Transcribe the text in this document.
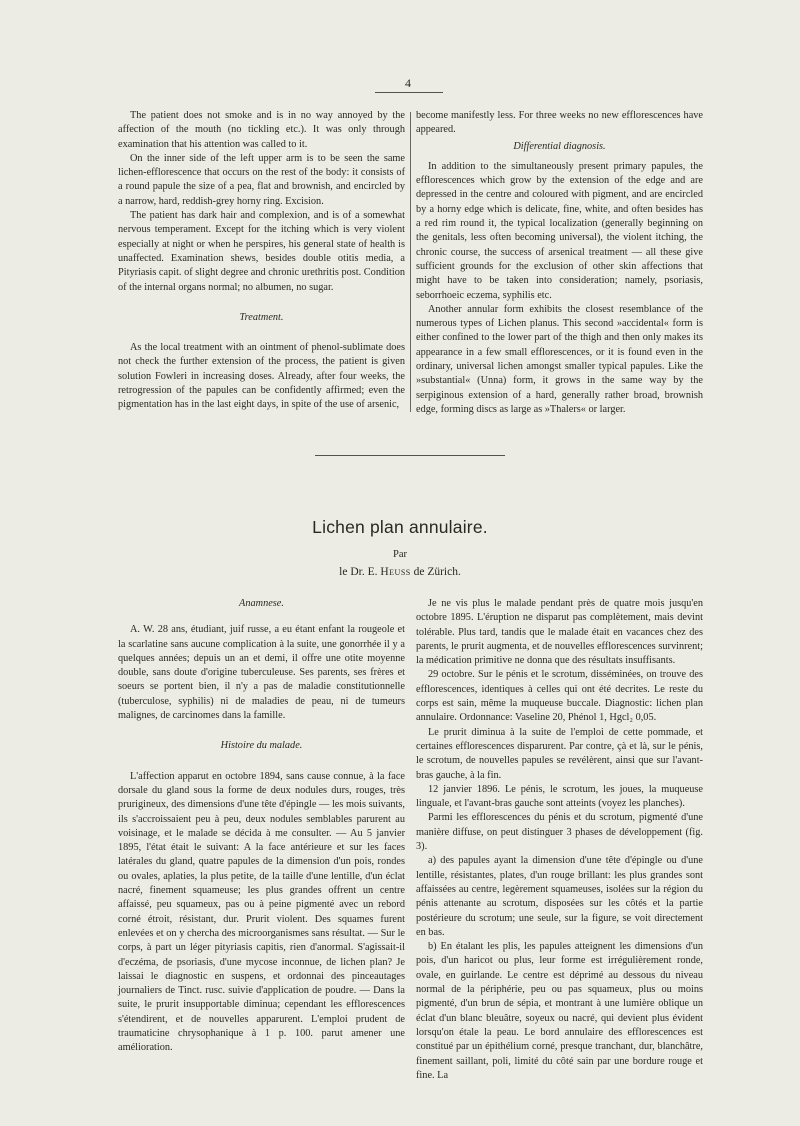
4

The patient does not smoke and is in no way annoyed by the affection of the mouth (no tickling etc.). It was only through examination that his attention was called to it.

On the inner side of the left upper arm is to be seen the same lichen-efflorescence that occurs on the rest of the body: it consists of a round papule the size of a pea, flat and brownish, and encircled by a narrow, hard, reddish-grey horny ring. Excision.

The patient has dark hair and complexion, and is of a somewhat nervous temperament. Except for the itching which is very violent especially at night or when he perspires, his general state of health is unaffected. Examination shews, besides double otitis media, a Pityriasis capit. of slight degree and chronic urethritis post. Condition of the internal organs normal; no albumen, no sugar.

Treatment.

As the local treatment with an ointment of phenol-sublimate does not check the further extension of the process, the patient is given solution Fowleri in increasing doses. Already, after four weeks, the retrogression of the papules can be confidently affirmed; even the pigmentation has in the last eight days, in spite of the use of arsenic,

become manifestly less. For three weeks no new efflorescences have appeared.

Differential diagnosis.

In addition to the simultaneously present primary papules, the efflorescences which grow by the extension of the edge and are depressed in the centre and coloured with pigment, and are encircled by a horny edge which is delicate, fine, white, and often besides has a red rim round it, the typical localization (generally beginning on the genitals, less often becoming universal), the violent itching, the chronic course, the success of arsenical treatment — all these give sufficient grounds for the exclusion of other skin affections that might have to be taken into consideration; namely, psoriasis, seborrhoeic eczema, syphilis etc.

Another annular form exhibits the closest resemblance of the numerous types of Lichen planus. This second »accidental« form is either confined to the lower part of the thigh and then only makes its appearance in a few small efflorescences, or it is found even in the ordinary, universal lichen amongst smaller typical papules. Like the »substantial« (Unna) form, it grows in the same way by the serpiginous extension of a hard, generally rather broad, brownish edge, forming discs as large as »Thalers« or larger.

Lichen plan annulaire.
Par
le Dr. E. Heuss de Zürich.
Anamnese.

A. W. 28 ans, étudiant, juif russe, a eu étant enfant la rougeole et la scarlatine sans aucune complication à la suite, une gonorrhée il y a quelques années; depuis un an et demi, il offre une otite moyenne double, sans doute d'origine tuberculeuse. Ses parents, ses frères et soeurs se portent bien, il n'y a pas de maladie constitutionnelle (tuberculose, syphilis) ni de maladies de peau, ni de tumeurs malignes, de carcinomes dans la famille.

Histoire du malade.

L'affection apparut en octobre 1894, sans cause connue, à la face dorsale du gland sous la forme de deux nodules durs, rouges, très prurigineux, des dimensions d'une tête d'épingle — les mois suivants, ils s'accroissaient peu à peu, deux nodules semblables parurent au voisinage, et le malade se décida à me consulter. — Au 5 janvier 1895, l'état était le suivant: A la face antérieure et sur les faces latérales du gland, quatre papules de la dimension d'un pois, rondes ou ovales, aplaties, la plus petite, de la taille d'une lentille, d'un éclat nacré, finement squameuse; les plus grandes offrent un centre affaissé, peu squameux, pas ou à peine pigmenté avec un rebord corné étroit, résistant, dur. Prurit violent. Des squames furent enlevées et on y chercha des microorganismes sans résultat. — Sur le corps, à part un léger pityriasis capitis, rien d'anormal. S'agissait-il d'eczéma, de psoriasis, d'une mycose inconnue, de lichen plan? Je laissai le diagnostic en suspens, et ordonnai des pinceautages journaliers de Tinct. rusc. suivie d'application de poudre. — Dans la suite, le prurit insupportable diminua; cependant les efflorescences s'étendirent, et de nouvelles apparurent. L'emploi prudent de traumaticine chrysophanique à 1 p. 100. parut amener une amélioration.

Je ne vis plus le malade pendant près de quatre mois jusqu'en octobre 1895. L'éruption ne disparut pas complètement, mais devint tolérable. Plus tard, tandis que le malade était en vacances chez des parents, le prurit augmenta, et de nouvelles efflorescences survinrent; la médication primitive ne donna que des résultats insuffisants.

29 octobre. Sur le pénis et le scrotum, disséminées, on trouve des efflorescences, identiques à celles qui ont été decrites. Le reste du corps est sain, même la muqueuse buccale. Diagnostic: lichen plan annulaire. Ordonnance: Vaseline 20, Phénol 1, Hgcl₂ 0,05.

Le prurit diminua à la suite de l'emploi de cette pommade, et certaines efflorescences disparurent. Par contre, çà et là, sur le pénis, le scrotum, de nouvelles papules se revélèrent, ainsi que sur l'avant-bras gauche, à la fin.

12 janvier 1896. Le pénis, le scrotum, les joues, la muqueuse linguale, et l'avant-bras gauche sont atteints (voyez les planches).

Parmi les efflorescences du pénis et du scrotum, pigmenté d'une manière diffuse, on peut distinguer 3 phases de développement (fig. 3).

a) des papules ayant la dimension d'une tête d'épingle ou d'une lentille, résistantes, plates, d'un rouge brillant: les plus grandes sont affaissées au centre, legèrement squameuses, isolées sur la région du pénis attenante au scrotum, disposées sur les côtés et la partie postérieure du scrotum; une seule, sur la figure, se voit directement en bas.

b) En étalant les plis, les papules atteignent les dimensions d'un pois, d'un haricot ou plus, leur forme est irrégulièrement ronde, ovale, en guirlande. Le centre est déprimé au dessous du niveau normal de la périphérie, peu ou pas squameux, plus ou moins pigmenté, d'un brun de sépia, et montrant à une lumière oblique un éclat d'un blanc bleuâtre, soyeux ou nacré, qui devient plus évident lorsqu'on étale la peau. Le bord annulaire des efflorescences est constitué par un épithélium corné, presque tranchant, dur, blanchâtre, finement saillant, poli, limité du côté sain par une bordure rouge et fine. La
